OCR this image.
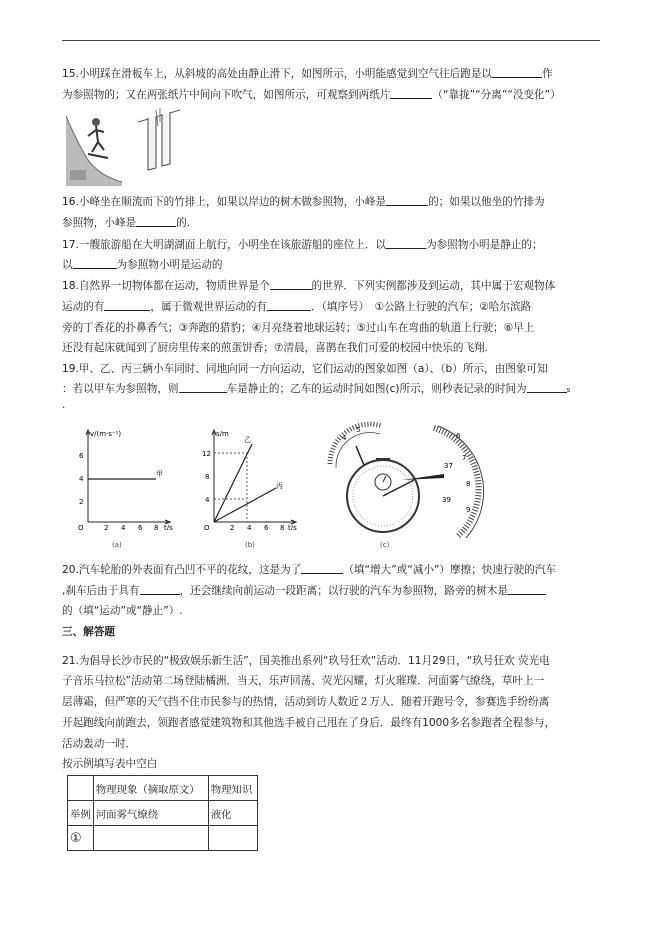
15.小明踩在滑板车上，从斜坡的高处由静止滑下，如图所示，小明能感觉到空气往后跑是以	作
为参照物的；又在两张纸片中间向下吹气，如图所示，可观察到两纸片	（“靠拢”“分离”“没变化”）
16.小峰坐在顺流而下的竹排上，如果以岸边的树木做参照物，小峰是	的；如果以他坐的竹排为
参照物，小峰是	的.
17.一艘旅游船在大明湖湖面上航行，小明坐在该旅游船的座位上．以	为参照物小明是静止的；
以	为参照物小明是运动的
18.自然界一切物体都在运动，物质世界是个	的世界．下列实例都涉及到运动，其中属于宏观物体
运动的有	，属于微观世界运动的有	．（填序号）　①公路上行驶的汽车；②哈尔滨路
旁的丁香花的扑鼻香气；③奔跑的猎豹；④月亮绕着地球运转；⑤过山车在弯曲的轨道上行驶；⑥早上
还没有起床就闻到了厨房里传来的煎蛋饼香；⑦清晨，喜鹊在我们可爱的校园中快乐的飞翔.
19.甲、乙、丙三辆小车同时、同地向同一方向运动，它们运动的图象如图（a）、（b）所示，由图象可知
：若以甲车为参照物，则	车是静止的；乙车的运动时间如图(c)所示，则秒表记录的时间为	s
.
v/(m·s⁻¹)
t/s
6
4
2
O	2 4 6 8
甲
(a)
s/m
t/s
12
8
4
O	2 4 6 8
乙
丙
(b)
4
5
6
7
37
8
39
9
(c)
20.汽车轮胎的外表面有凸凹不平的花纹，这是为了	（填“增大”或“减小”）摩擦；快速行驶的汽车
,刹车后由于具有	，还会继续向前运动一段距离；以行驶的汽车为参照物，路旁的树木是
的（填“运动”或“静止”）.
三、解答题
21.为倡导长沙市民的“极致娱乐新生活”，国美推出系列“玖号狂欢”活动．11月29日，“玖号狂欢 荧光电
子音乐马拉松”活动第二场登陆橘洲．当天，乐声回荡、荧光闪耀，灯火璀璨．河面雾气缭绕，草叶上一
层薄霜，但严寒的天气挡不住市民参与的热情，活动到访人数近２万人．随着开跑号令，参赛选手纷纷离
开起跑线向前跑去，领跑者感觉建筑物和其他选手被自己甩在了身后．最终有1000多名参跑者全程参与，
活动轰动一时．
按示例填写表中空白
	物理现象（摘取原文）	物理知识
举例	河面雾气缭绕	液化
①		
